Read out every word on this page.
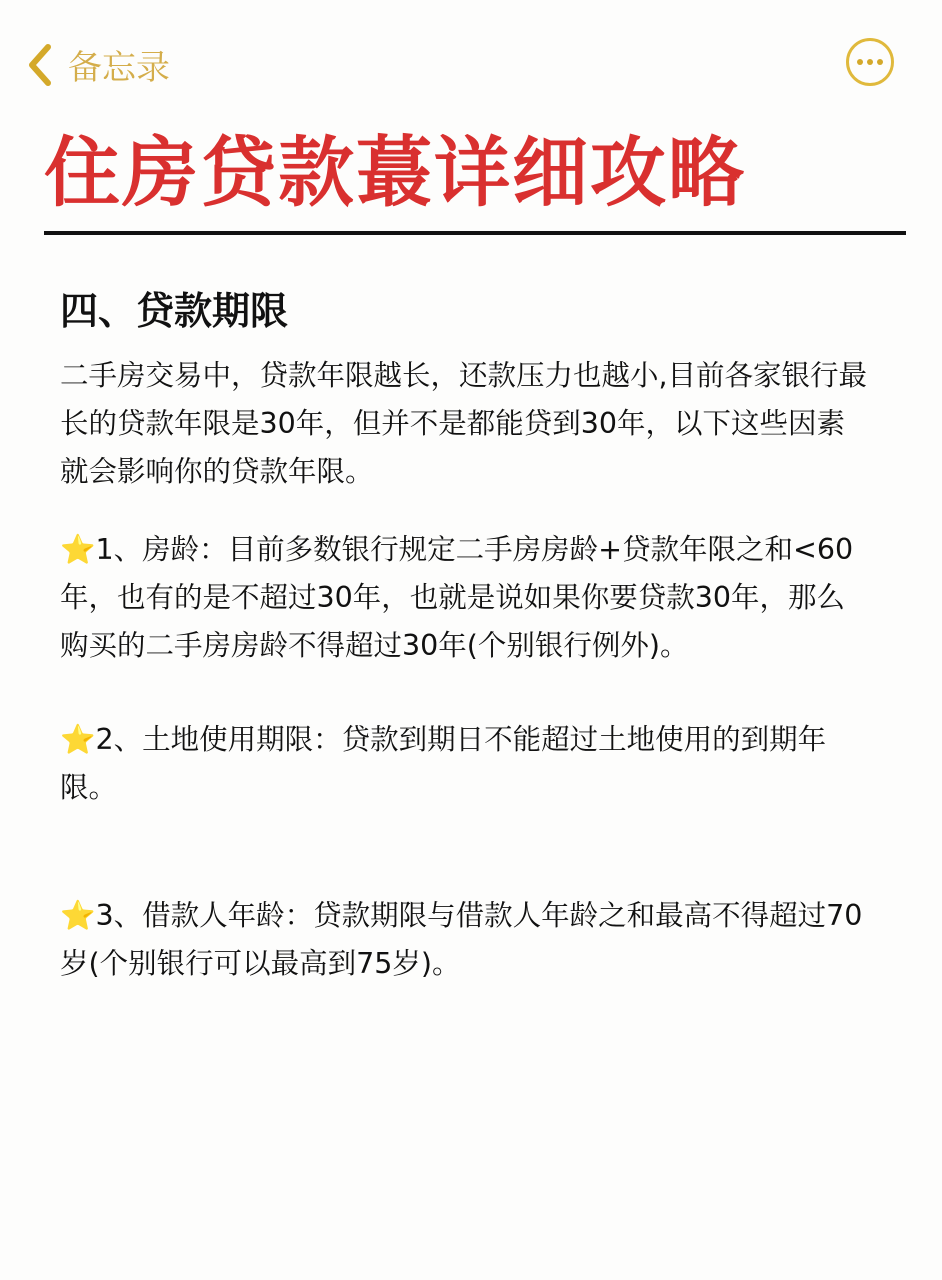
备忘录
住房贷款蕞详细攻略
四、贷款期限
二手房交易中，贷款年限越长，还款压力也越小,目前各家银行最长的贷款年限是30年，但并不是都能贷到30年，以下这些因素就会影响你的贷款年限。
⭐1、房龄：目前多数银行规定二手房房龄+贷款年限之和<60年，也有的是不超过30年，也就是说如果你要贷款30年，那么购买的二手房房龄不得超过30年(个别银行例外)。
⭐2、土地使用期限：贷款到期日不能超过土地使用的到期年限。
⭐3、借款人年龄：贷款期限与借款人年龄之和最高不得超过70岁(个别银行可以最高到75岁)。
